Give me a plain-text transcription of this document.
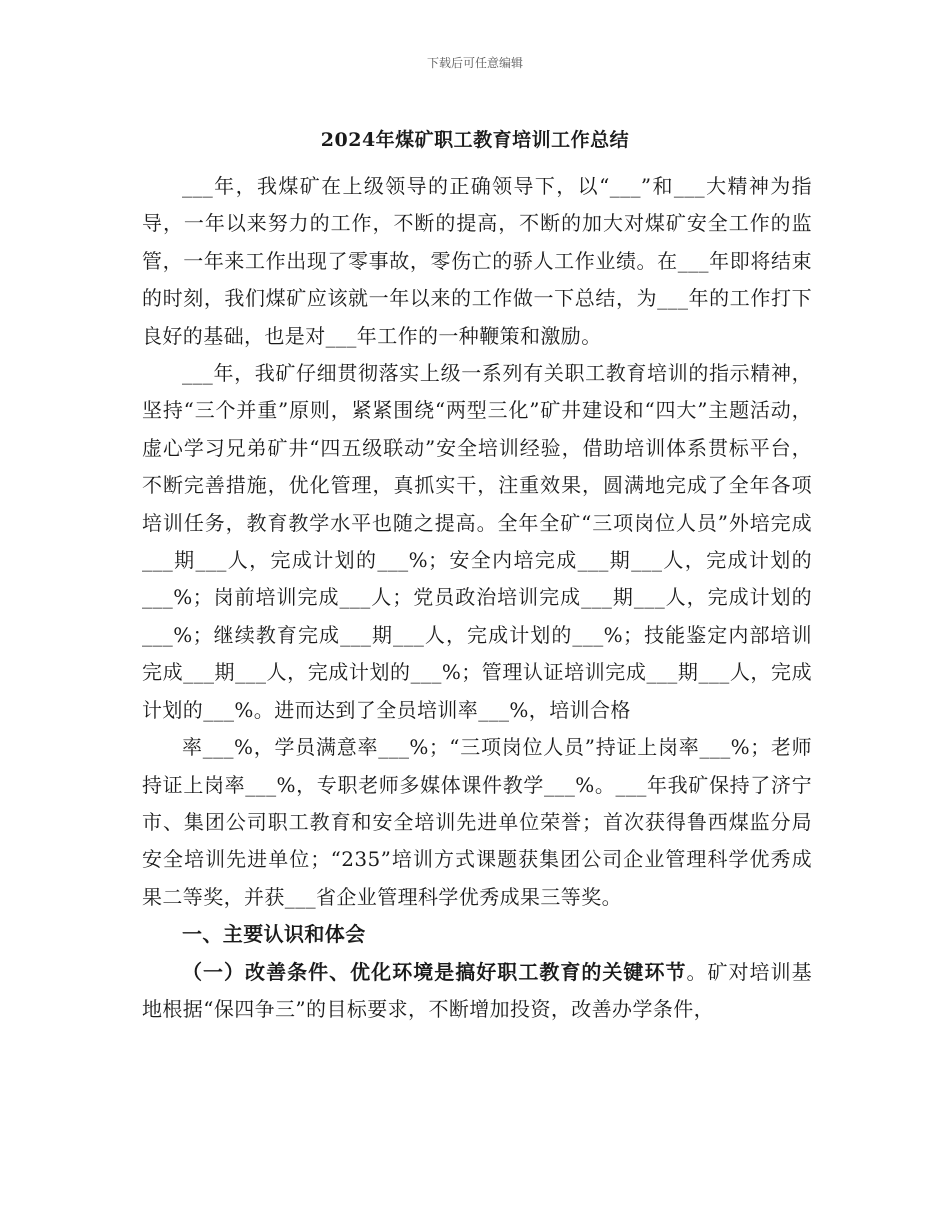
下载后可任意编辑
2024年煤矿职工教育培训工作总结

___年，我煤矿在上级领导的正确领导下，以“___”和___大精神为指导，一年以来努力的工作，不断的提高，不断的加大对煤矿安全工作的监管，一年来工作出现了零事故，零伤亡的骄人工作业绩。在___年即将结束的时刻，我们煤矿应该就一年以来的工作做一下总结，为___年的工作打下良好的基础，也是对___年工作的一种鞭策和激励。

___年，我矿仔细贯彻落实上级一系列有关职工教育培训的指示精神，坚持“三个并重”原则，紧紧围绕“两型三化”矿井建设和“四大”主题活动，虚心学习兄弟矿井“四五级联动”安全培训经验，借助培训体系贯标平台，不断完善措施，优化管理，真抓实干，注重效果，圆满地完成了全年各项培训任务，教育教学水平也随之提高。全年全矿“三项岗位人员”外培完成___期___人，完成计划的___%；安全内培完成___期___人，完成计划的___%；岗前培训完成___人；党员政治培训完成___期___人，完成计划的___%；继续教育完成___期___人，完成计划的___%；技能鉴定内部培训完成___期___人，完成计划的___%；管理认证培训完成___期___人，完成计划的___%。进而达到了全员培训率___%，培训合格

率___%，学员满意率___%；“三项岗位人员”持证上岗率___%；老师持证上岗率___%，专职老师多媒体课件教学___%。___年我矿保持了济宁市、集团公司职工教育和安全培训先进单位荣誉；首次获得鲁西煤监分局安全培训先进单位；“235”培训方式课题获集团公司企业管理科学优秀成果二等奖，并获___省企业管理科学优秀成果三等奖。

一、主要认识和体会

（一）改善条件、优化环境是搞好职工教育的关键环节。矿对培训基地根据“保四争三”的目标要求，不断增加投资，改善办学条件，
